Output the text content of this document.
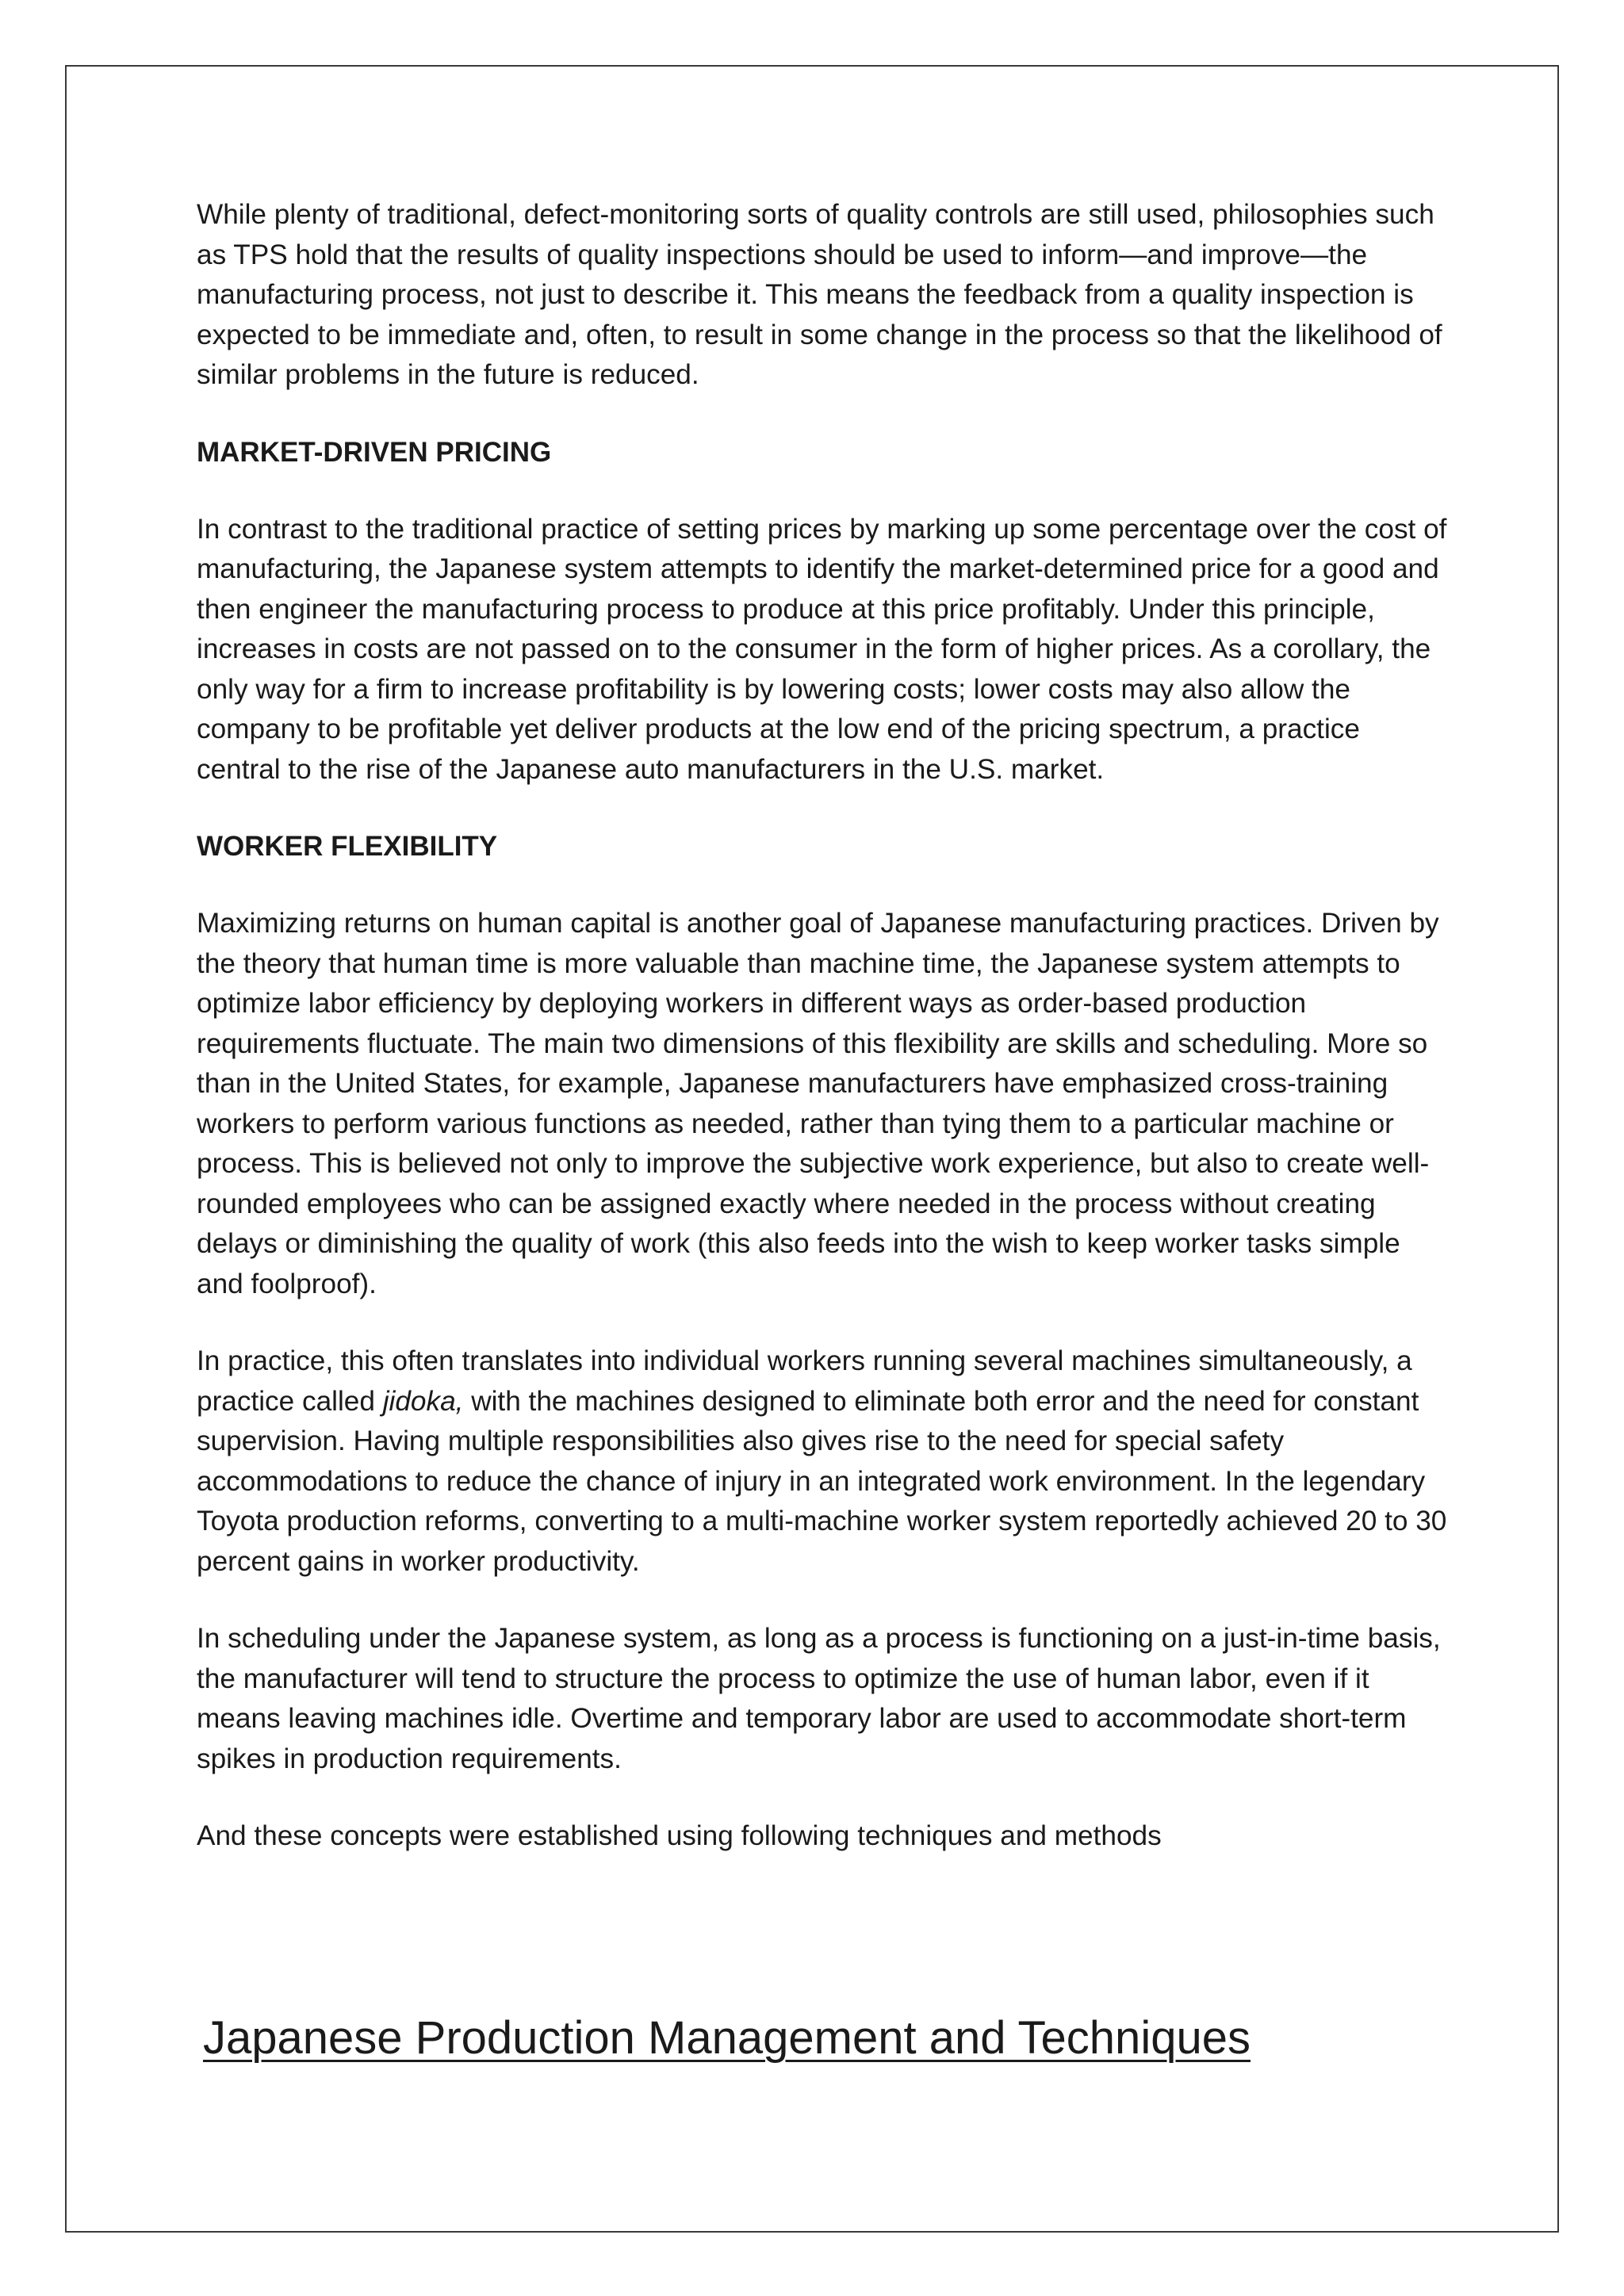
While plenty of traditional, defect-monitoring sorts of quality controls are still used, philosophies such as TPS hold that the results of quality inspections should be used to inform—and improve—the manufacturing process, not just to describe it. This means the feedback from a quality inspection is expected to be immediate and, often, to result in some change in the process so that the likelihood of similar problems in the future is reduced.

MARKET-DRIVEN PRICING

In contrast to the traditional practice of setting prices by marking up some percentage over the cost of manufacturing, the Japanese system attempts to identify the market-determined price for a good and then engineer the manufacturing process to produce at this price profitably. Under this principle, increases in costs are not passed on to the consumer in the form of higher prices. As a corollary, the only way for a firm to increase profitability is by lowering costs; lower costs may also allow the company to be profitable yet deliver products at the low end of the pricing spectrum, a practice central to the rise of the Japanese auto manufacturers in the U.S. market.

WORKER FLEXIBILITY

Maximizing returns on human capital is another goal of Japanese manufacturing practices. Driven by the theory that human time is more valuable than machine time, the Japanese system attempts to optimize labor efficiency by deploying workers in different ways as order-based production requirements fluctuate. The main two dimensions of this flexibility are skills and scheduling. More so than in the United States, for example, Japanese manufacturers have emphasized cross-training workers to perform various functions as needed, rather than tying them to a particular machine or process. This is believed not only to improve the subjective work experience, but also to create well-rounded employees who can be assigned exactly where needed in the process without creating delays or diminishing the quality of work (this also feeds into the wish to keep worker tasks simple and foolproof).

In practice, this often translates into individual workers running several machines simultaneously, a practice called jidoka, with the machines designed to eliminate both error and the need for constant supervision. Having multiple responsibilities also gives rise to the need for special safety accommodations to reduce the chance of injury in an integrated work environment. In the legendary Toyota production reforms, converting to a multi-machine worker system reportedly achieved 20 to 30 percent gains in worker productivity.

In scheduling under the Japanese system, as long as a process is functioning on a just-in-time basis, the manufacturer will tend to structure the process to optimize the use of human labor, even if it means leaving machines idle. Overtime and temporary labor are used to accommodate short-term spikes in production requirements.

And these concepts were established using following techniques and methods

Japanese Production Management and Techniques
